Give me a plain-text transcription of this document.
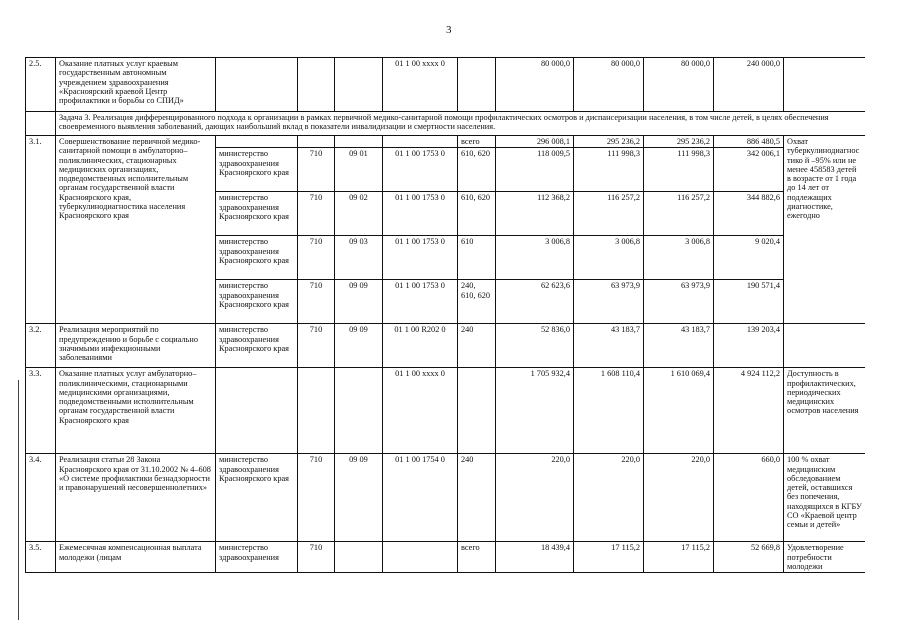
3
2.5.	Оказание платных услуг краевым государственным автономным учреждением здравоохранения «Красноярский краевой Центр профилактики и борьбы со СПИД»				01 1 00 xxxx 0		80 000,0	80 000,0	80 000,0	240 000,0	
	Задача 3. Реализация дифференцированного подхода к организации в рамках первичной медико-санитарной помощи профилактических осмотров и диспансеризации населения, в том числе детей, в целях обеспечения своевременного выявления заболеваний, дающих наибольший вклад в показатели инвалидизации и смертности населения.										
3.1.	Совершенствование первичной медико-санитарной помощи в амбулаторно–поликлинических, стационарных медицинских организациях, подведомственных исполнительным органам государственной власти Красноярского края, туберкулинодиагностика населения Красноярского края					всего	296 008,1	295 236,2	295 236,2	886 480,5	Охват туберкулинодиагностико й –95% или не менее 458583 детей в возрасте от 1 года до 14 лет от подлежащих диагностике, ежегодно
		министерство здравоохранения Красноярского края	710	09 01	01 1 00 1753 0	610, 620	118 009,5	111 998,3	111 998,3	342 006,1	
		министерство здравоохранения Красноярского края	710	09 02	01 1 00 1753 0	610, 620	112 368,2	116 257,2	116 257,2	344 882,6	
		министерство здравоохранения Красноярского края	710	09 03	01 1 00 1753 0	610	3 006,8	3 006,8	3 006,8	9 020,4	
		министерство здравоохранения Красноярского края	710	09 09	01 1 00 1753 0	240, 610, 620	62 623,6	63 973,9	63 973,9	190 571,4	
3.2.	Реализация мероприятий по предупреждению и борьбе с социально значимыми инфекционными заболеваниями	министерство здравоохранения Красноярского края	710	09 09	01 1 00 R202 0	240	52 836,0	43 183,7	43 183,7	139 203,4	
3.3.	Оказание платных услуг амбулаторно–поликлиническими, стационарными медицинскими организациями, подведомственными исполнительным органам государственной власти Красноярского края				01 1 00 xxxx 0		1 705 932,4	1 608 110,4	1 610 069,4	4 924 112,2	Доступность в профилактических, периодических медицинских осмотров населения
3.4.	Реализация статьи 28 Закона Красноярского края от 31.10.2002 № 4–608 «О системе профилактики безнадзорности и правонарушений несовершеннолетних»	министерство здравоохранения Красноярского края	710	09 09	01 1 00 1754 0	240	220,0	220,0	220,0	660,0	100 % охват медицинским обследованием детей, оставшихся без попечения, находящихся в КГБУ СО «Краевой центр семьи и детей»
3.5.	Ежемесячная компенсационная выплата молодежи (лицам	министерство здравоохранения	710			всего	18 439,4	17 115,2	17 115,2	52 669,8	Удовлетворение потребности молодежи
